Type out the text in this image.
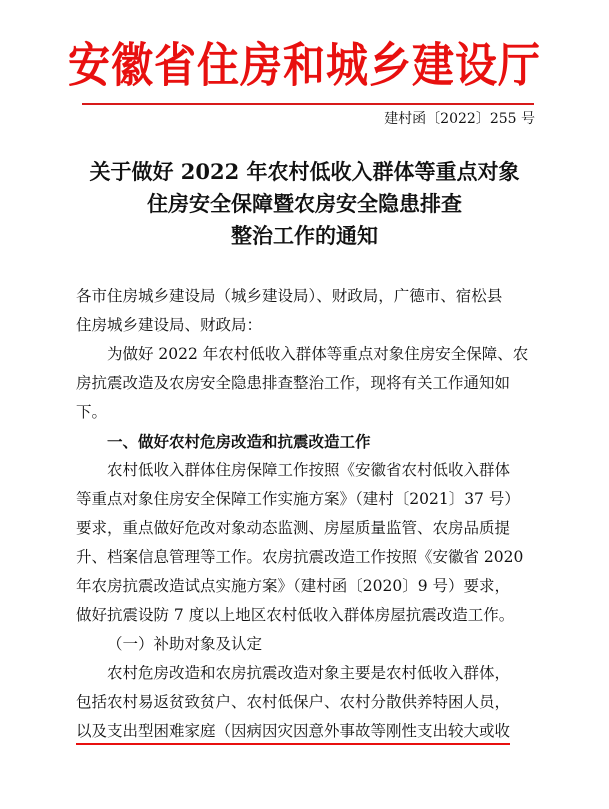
安徽省住房和城乡建设厅
建村函〔2022〕255 号
关于做好 2022 年农村低收入群体等重点对象
住房安全保障暨农房安全隐患排查
整治工作的通知
各市住房城乡建设局（城乡建设局）、财政局，广德市、宿松县
住房城乡建设局、财政局：
为做好 2022 年农村低收入群体等重点对象住房安全保障、农
房抗震改造及农房安全隐患排查整治工作，现将有关工作通知如
下。
一、做好农村危房改造和抗震改造工作
农村低收入群体住房保障工作按照《安徽省农村低收入群体
等重点对象住房安全保障工作实施方案》（建村〔2021〕37 号）
要求，重点做好危改对象动态监测、房屋质量监管、农房品质提
升、档案信息管理等工作。农房抗震改造工作按照《安徽省 2020
年农房抗震改造试点实施方案》（建村函〔2020〕9 号）要求，
做好抗震设防 7 度以上地区农村低收入群体房屋抗震改造工作。
（一）补助对象及认定
农村危房改造和农房抗震改造对象主要是农村低收入群体，
包括农村易返贫致贫户、农村低保户、农村分散供养特困人员，
以及支出型困难家庭（因病因灾因意外事故等刚性支出较大或收
